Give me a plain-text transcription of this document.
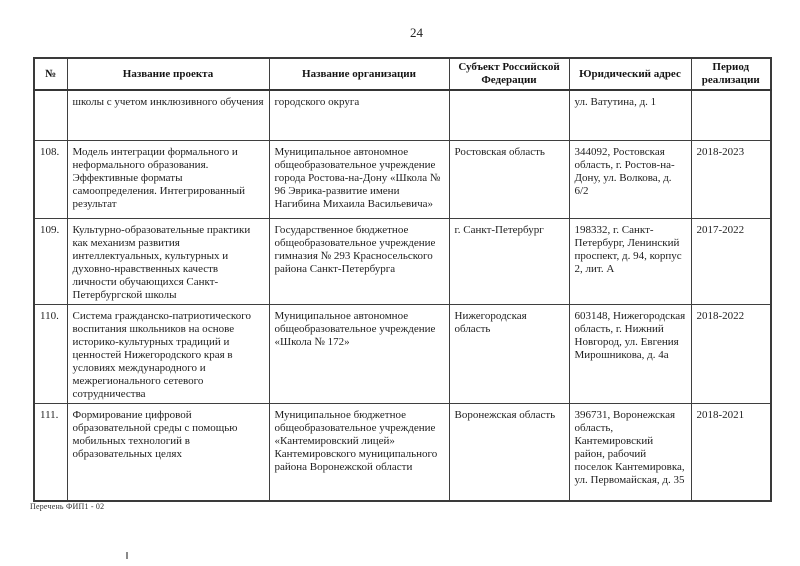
24
№	Название проекта	Название организации	Субъект Российской Федерации	Юридический адрес	Период реализации
	школы с учетом инклюзивного обучения	городского округа		ул. Ватутина, д. 1	
108.	Модель интеграции формального и неформального образования. Эффективные форматы самоопределения. Интегрированный результат	Муниципальное автономное общеобразовательное учреждение города Ростова-на-Дону «Школа № 96 Эврика-развитие имени Нагибина Михаила Васильевича»	Ростовская область	344092, Ростовская область, г. Ростов-на-Дону, ул. Волкова, д. 6/2	2018-2023
109.	Культурно-образовательные практики как механизм развития интеллектуальных, культурных и духовно-нравственных качеств личности обучающихся Санкт-Петербургской школы	Государственное бюджетное общеобразовательное учреждение гимназия № 293 Красносельского района Санкт-Петербурга	г. Санкт-Петербург	198332, г. Санкт-Петербург, Ленинский проспект, д. 94, корпус 2, лит. А	2017-2022
110.	Система гражданско-патриотического воспитания школьников на основе историко-культурных традиций и ценностей Нижегородского края в условиях международного и межрегионального сетевого сотрудничества	Муниципальное автономное общеобразовательное учреждение «Школа № 172»	Нижегородская область	603148, Нижегородская область, г. Нижний Новгород, ул. Евгения Мирошникова, д. 4а	2018-2022
111.	Формирование цифровой образовательной среды с помощью мобильных технологий в образовательных целях	Муниципальное бюджетное общеобразовательное учреждение «Кантемировский лицей» Кантемировского муниципального района Воронежской области	Воронежская область	396731, Воронежская область, Кантемировский район, рабочий поселок Кантемировка, ул. Первомайская, д. 35	2018-2021
Перечень ФИП1 - 02
